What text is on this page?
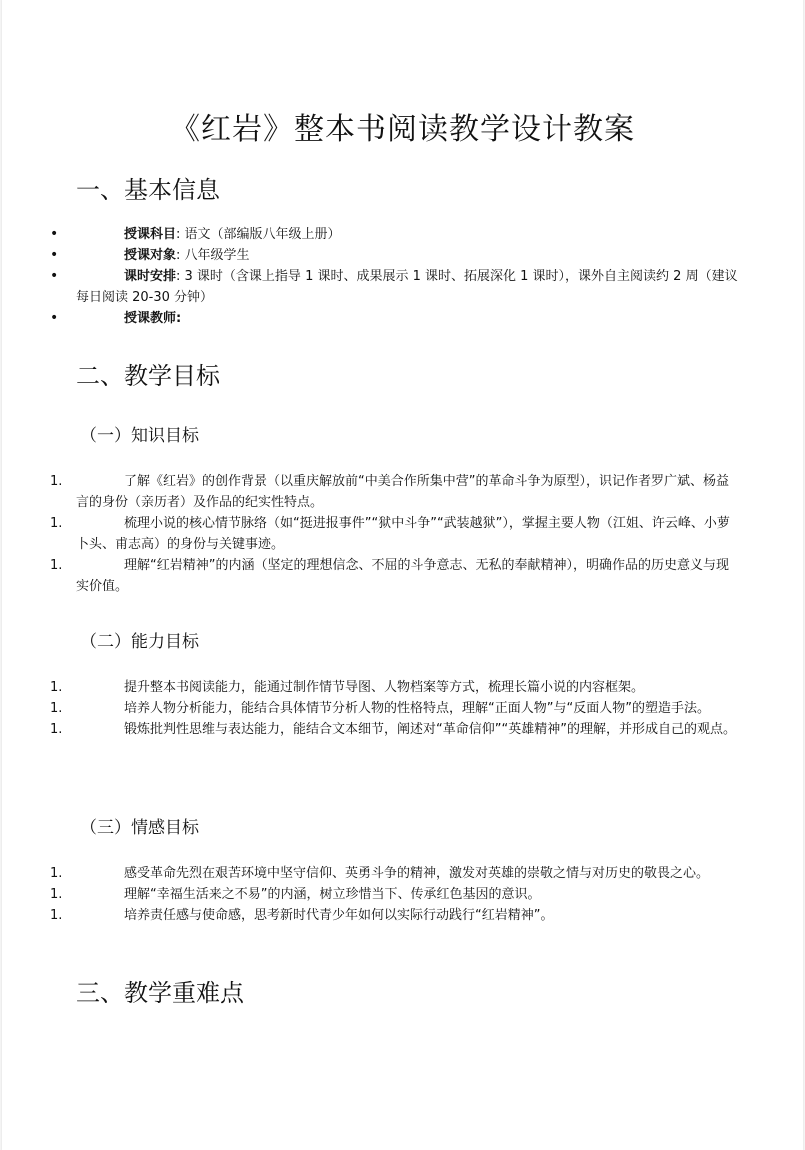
《红岩》整本书阅读教学设计教案
一、基本信息
•
授课科目: 语文（部编版八年级上册）
•
授课对象: 八年级学生
•
课时安排: 3 课时（含课上指导 1 课时、成果展示 1 课时、拓展深化 1 课时），课外自主阅读约 2 周（建议每日阅读 20-30 分钟）
•
授课教师:
二、教学目标
（一）知识目标
1.	了解《红岩》的创作背景（以重庆解放前“中美合作所集中营”的革命斗争为原型），识记作者罗广斌、杨益言的身份（亲历者）及作品的纪实性特点。
1.	梳理小说的核心情节脉络（如“挺进报事件”“狱中斗争”“武装越狱”），掌握主要人物（江姐、许云峰、小萝卜头、甫志高）的身份与关键事迹。
1.	理解“红岩精神”的内涵（坚定的理想信念、不屈的斗争意志、无私的奉献精神），明确作品的历史意义与现实价值。
（二）能力目标
1.	提升整本书阅读能力，能通过制作情节导图、人物档案等方式，梳理长篇小说的内容框架。
1.	培养人物分析能力，能结合具体情节分析人物的性格特点，理解“正面人物”与“反面人物”的塑造手法。
1.	锻炼批判性思维与表达能力，能结合文本细节，阐述对“革命信仰”“英雄精神”的理解，并形成自己的观点。
（三）情感目标
1.	感受革命先烈在艰苦环境中坚守信仰、英勇斗争的精神，激发对英雄的崇敬之情与对历史的敬畏之心。
1.	理解“幸福生活来之不易”的内涵，树立珍惜当下、传承红色基因的意识。
1.	培养责任感与使命感，思考新时代青少年如何以实际行动践行“红岩精神”。
三、教学重难点
